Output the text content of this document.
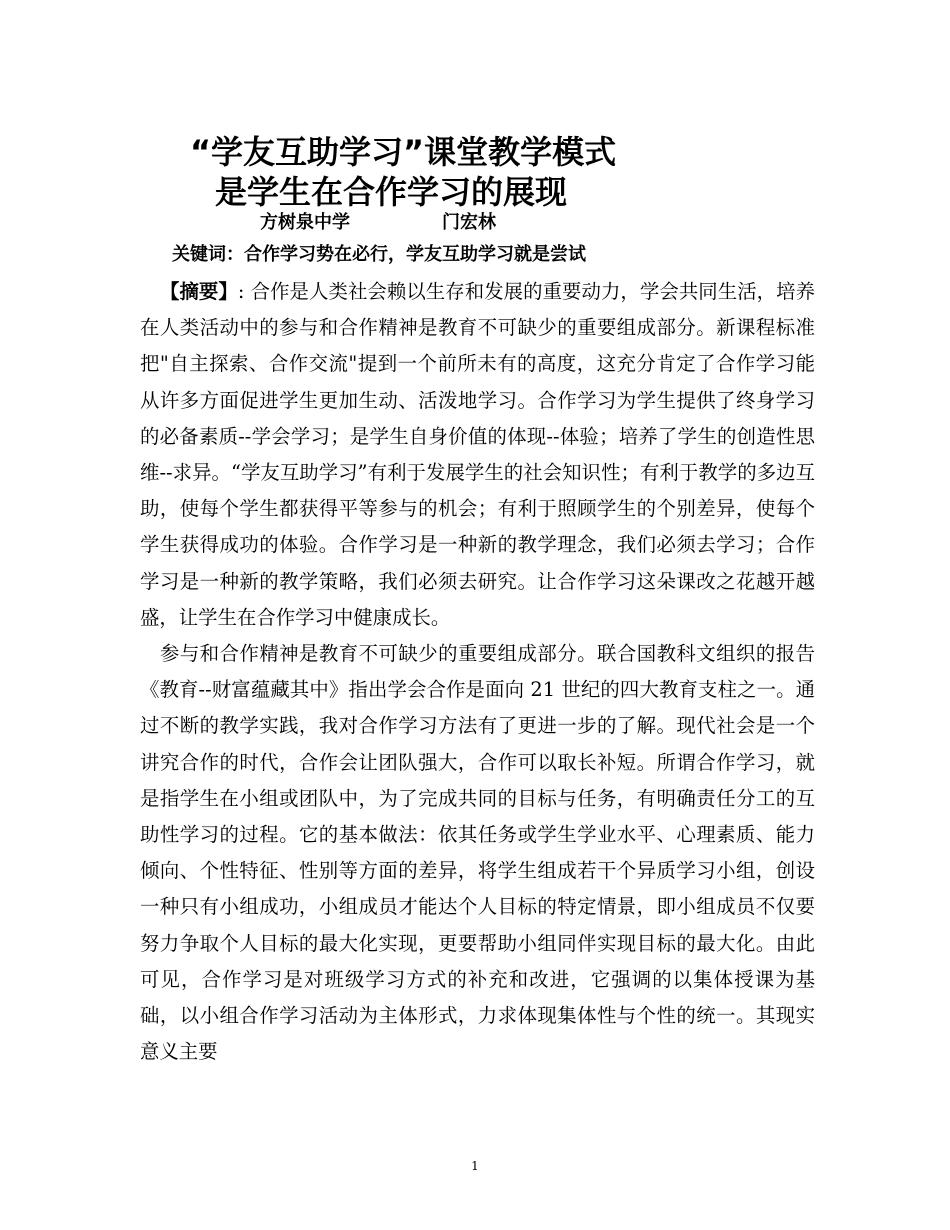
“学友互助学习”课堂教学模式
是学生在合作学习的展现
方树泉中学	门宏林
关键词：合作学习势在必行，学友互助学习就是尝试

【摘要】: 合作是人类社会赖以生存和发展的重要动力，学会共同生活，培养在人类活动中的参与和合作精神是教育不可缺少的重要组成部分。新课程标准把"自主探索、合作交流"提到一个前所未有的高度，这充分肯定了合作学习能从许多方面促进学生更加生动、活泼地学习。合作学习为学生提供了终身学习的必备素质--学会学习；是学生自身价值的体现--体验；培养了学生的创造性思维--求异。“学友互助学习”有利于发展学生的社会知识性；有利于教学的多边互助，使每个学生都获得平等参与的机会；有利于照顾学生的个别差异，使每个学生获得成功的体验。合作学习是一种新的教学理念，我们必须去学习；合作学习是一种新的教学策略，我们必须去研究。让合作学习这朵课改之花越开越盛，让学生在合作学习中健康成长。

参与和合作精神是教育不可缺少的重要组成部分。联合国教科文组织的报告《教育--财富蕴藏其中》指出学会合作是面向 21 世纪的四大教育支柱之一。通过不断的教学实践，我对合作学习方法有了更进一步的了解。现代社会是一个讲究合作的时代，合作会让团队强大，合作可以取长补短。所谓合作学习，就是指学生在小组或团队中，为了完成共同的目标与任务，有明确责任分工的互助性学习的过程。它的基本做法：依其任务或学生学业水平、心理素质、能力倾向、个性特征、性别等方面的差异，将学生组成若干个异质学习小组，创设一种只有小组成功，小组成员才能达个人目标的特定情景，即小组成员不仅要努力争取个人目标的最大化实现，更要帮助小组同伴实现目标的最大化。由此可见，合作学习是对班级学习方式的补充和改进，它强调的以集体授课为基础，以小组合作学习活动为主体形式，力求体现集体性与个性的统一。其现实意义主要

1
